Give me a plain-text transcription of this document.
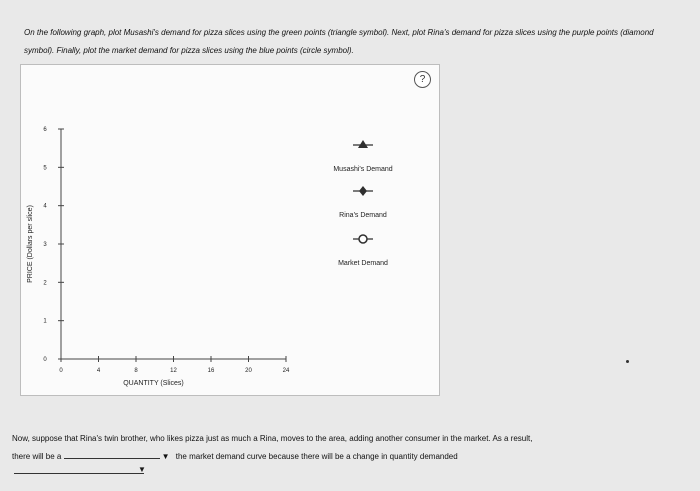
On the following graph, plot Musashi's demand for pizza slices using the green points (triangle symbol). Next, plot Rina's demand for pizza slices using the purple points (diamond symbol). Finally, plot the market demand for pizza slices using the blue points (circle symbol).
0	4	8	12	16	20	24
0
1
2
3
4
5
6
QUANTITY (Slices)
PRICE (Dollars per slice)
Musashi's Demand
Rina's Demand
Market Demand
?
Now, suppose that Rina's twin brother, who likes pizza just as much a Rina, moves to the area, adding another consumer in the market. As a result,
there will be a	▼ the market demand curve because there will be a change in quantity demanded
▼
